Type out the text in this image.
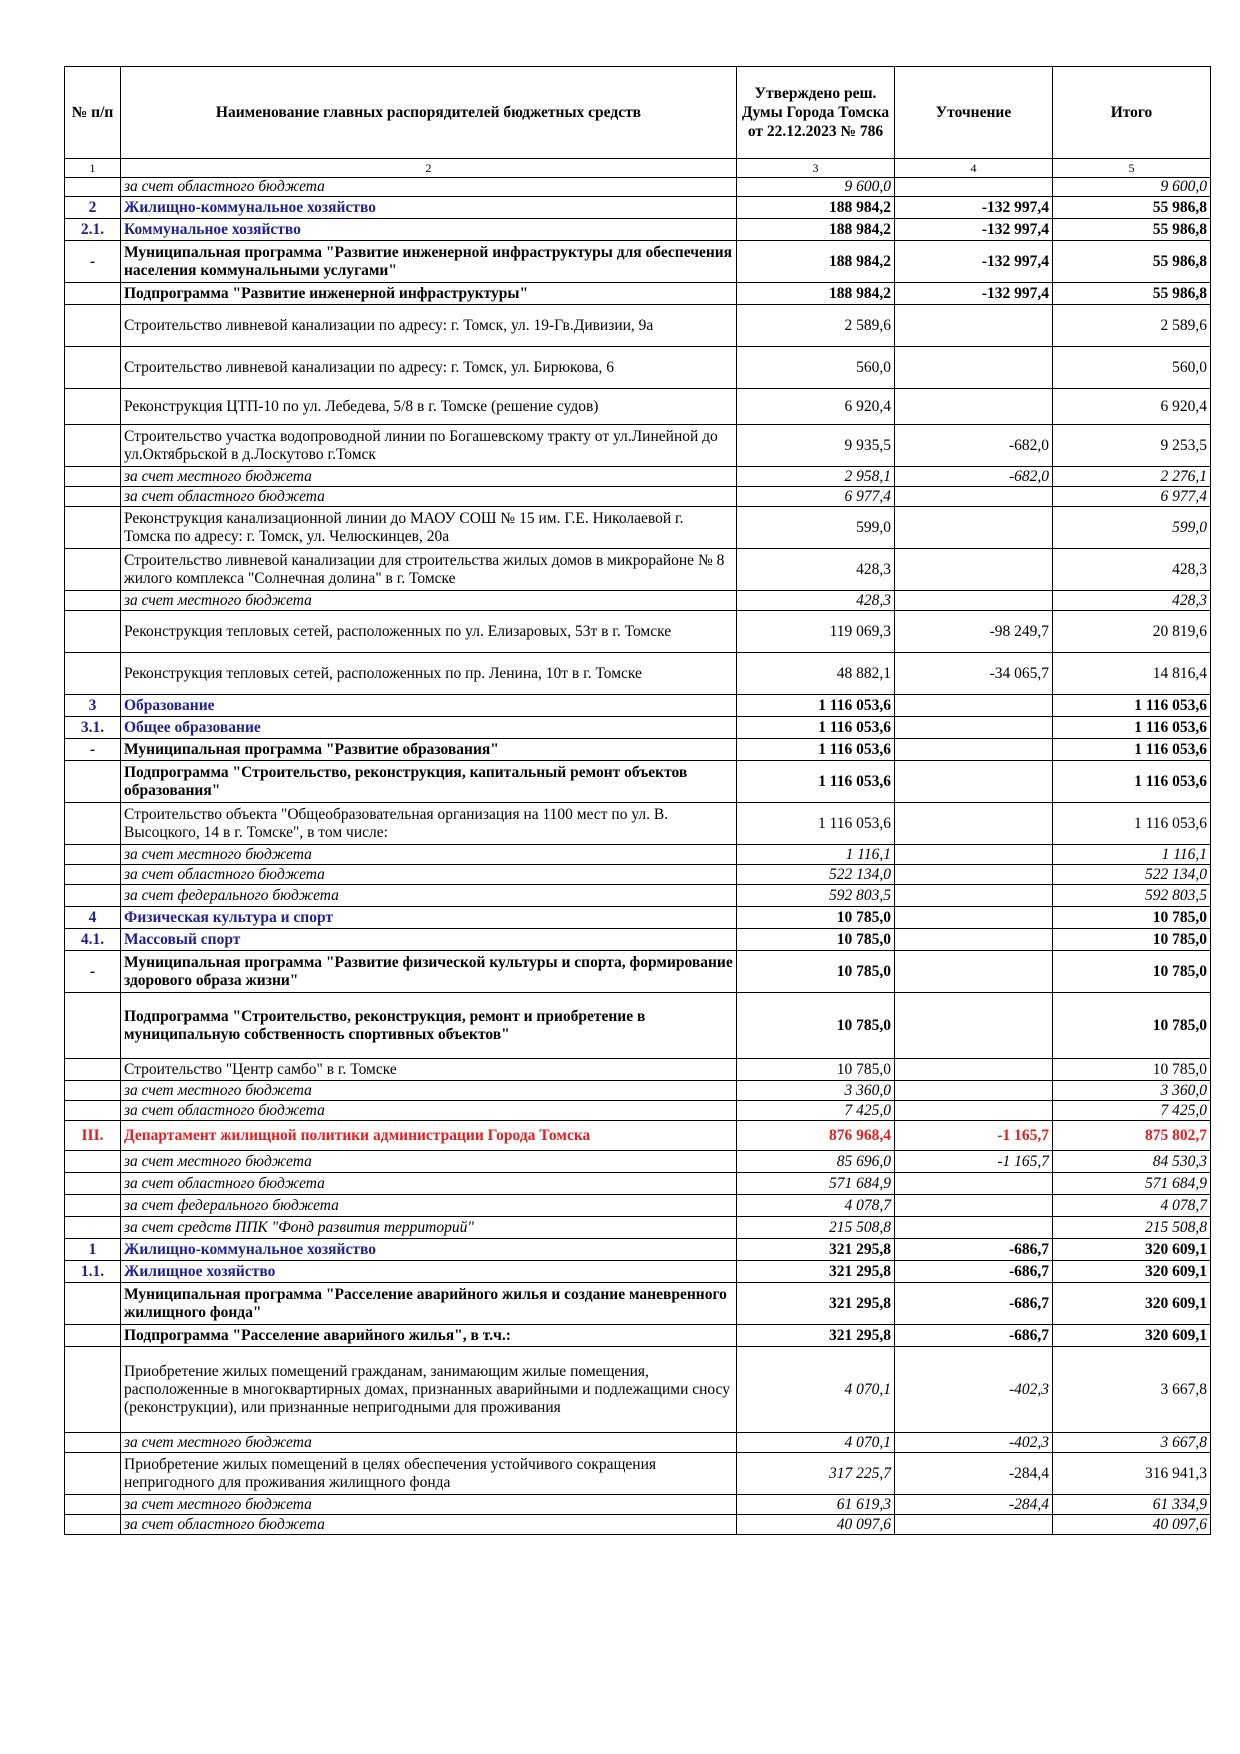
№ п/п	Наименование главных распорядителей бюджетных средств	Утверждено реш. Думы Города Томска от 22.12.2023 № 786	Уточнение	Итого
1	2	3	4	5
	за счет областного бюджета	9 600,0		9 600,0
2	Жилищно-коммунальное хозяйство	188 984,2	-132 997,4	55 986,8
2.1.	Коммунальное хозяйство	188 984,2	-132 997,4	55 986,8
-	Муниципальная программа "Развитие инженерной инфраструктуры для обеспечения населения коммунальными услугами"	188 984,2	-132 997,4	55 986,8
	Подпрограмма "Развитие инженерной инфраструктуры"	188 984,2	-132 997,4	55 986,8
	Строительство ливневой канализации по адресу: г. Томск, ул. 19-Гв.Дивизии, 9а	2 589,6		2 589,6
	Строительство ливневой канализации по адресу: г. Томск, ул. Бирюкова, 6	560,0		560,0
	Реконструкция ЦТП-10 по ул. Лебедева, 5/8 в г. Томске (решение судов)	6 920,4		6 920,4
	Строительство участка водопроводной линии по Богашевскому тракту от ул.Линейной до ул.Октябрьской в д.Лоскутово г.Томск	9 935,5	-682,0	9 253,5
	за счет местного бюджета	2 958,1	-682,0	2 276,1
	за счет областного бюджета	6 977,4		6 977,4
	Реконструкция канализационной линии до МАОУ СОШ № 15 им. Г.Е. Николаевой г. Томска по адресу: г. Томск, ул. Челюскинцев, 20а	599,0		599,0
	Строительство ливневой канализации для строительства жилых домов в микрорайоне № 8 жилого комплекса "Солнечная долина" в г. Томске	428,3		428,3
	за счет местного бюджета	428,3		428,3
	Реконструкция тепловых сетей, расположенных по ул. Елизаровых, 53т в г. Томске	119 069,3	-98 249,7	20 819,6
	Реконструкция тепловых сетей, расположенных по пр. Ленина, 10т в г. Томске	48 882,1	-34 065,7	14 816,4
3	Образование	1 116 053,6		1 116 053,6
3.1.	Общее образование	1 116 053,6		1 116 053,6
-	Муниципальная программа "Развитие образования"	1 116 053,6		1 116 053,6
	Подпрограмма "Строительство, реконструкция, капитальный ремонт объектов образования"	1 116 053,6		1 116 053,6
	Строительство объекта "Общеобразовательная организация на 1100 мест по ул. В. Высоцкого, 14 в г. Томске", в том числе:	1 116 053,6		1 116 053,6
	за счет местного бюджета	1 116,1		1 116,1
	за счет областного бюджета	522 134,0		522 134,0
	за счет федерального бюджета	592 803,5		592 803,5
4	Физическая культура и спорт	10 785,0		10 785,0
4.1.	Массовый спорт	10 785,0		10 785,0
-	Муниципальная программа "Развитие физической культуры и спорта, формирование здорового образа жизни"	10 785,0		10 785,0
	Подпрограмма "Строительство, реконструкция, ремонт и приобретение в муниципальную собственность спортивных объектов"	10 785,0		10 785,0
	Строительство "Центр самбо" в г. Томске	10 785,0		10 785,0
	за счет местного бюджета	3 360,0		3 360,0
	за счет областного бюджета	7 425,0		7 425,0
III.	Департамент жилищной политики администрации Города Томска	876 968,4	-1 165,7	875 802,7
	за счет местного бюджета	85 696,0	-1 165,7	84 530,3
	за счет областного бюджета	571 684,9		571 684,9
	за счет федерального бюджета	4 078,7		4 078,7
	за счет средств ППК "Фонд развития территорий"	215 508,8		215 508,8
1	Жилищно-коммунальное хозяйство	321 295,8	-686,7	320 609,1
1.1.	Жилищное хозяйство	321 295,8	-686,7	320 609,1
	Муниципальная программа "Расселение аварийного жилья и создание маневренного жилищного фонда"	321 295,8	-686,7	320 609,1
	Подпрограмма "Расселение аварийного жилья", в т.ч.:	321 295,8	-686,7	320 609,1
	Приобретение жилых помещений гражданам, занимающим жилые помещения, расположенные в многоквартирных домах, признанных аварийными и подлежащими сносу (реконструкции), или признанные непригодными для проживания	4 070,1	-402,3	3 667,8
	за счет местного бюджета	4 070,1	-402,3	3 667,8
	Приобретение жилых помещений в целях обеспечения устойчивого сокращения непригодного для проживания жилищного фонда	317 225,7	-284,4	316 941,3
	за счет местного бюджета	61 619,3	-284,4	61 334,9
	за счет областного бюджета	40 097,6		40 097,6
